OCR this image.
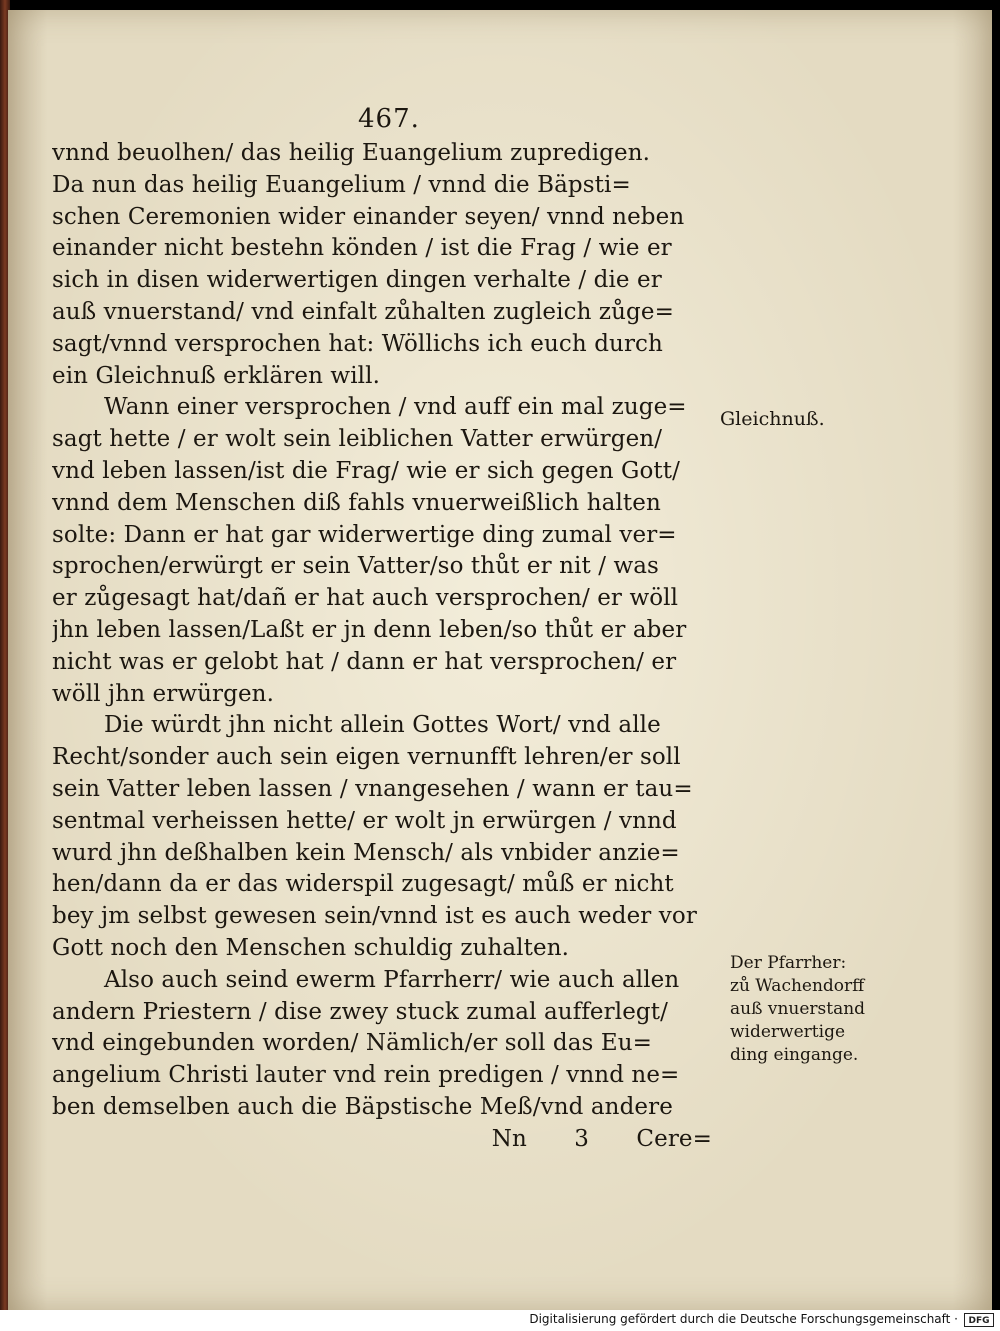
467.
vnnd beuolhen/ das heilig Euangelium zupredigen.
Da nun das heilig Euangelium / vnnd die Bäpsti=
schen Ceremonien wider einander seyen/ vnnd neben
einander nicht bestehn könden / ist die Frag / wie er
sich in disen widerwertigen dingen verhalte / die er
auß vnuerstand/ vnd einfalt zůhalten zugleich zůge=
sagt/vnnd versprochen hat: Wöllichs ich euch durch
ein Gleichnuß erklären will.
Wann einer versprochen / vnd auff ein mal zuge=
sagt hette / er wolt sein leiblichen Vatter erwürgen/
vnd leben lassen/ist die Frag/ wie er sich gegen Gott/
vnnd dem Menschen diß fahls vnuerweißlich halten
solte: Dann er hat gar widerwertige ding zumal ver=
sprochen/erwürgt er sein Vatter/so thůt er nit / was
er zůgesagt hat/dañ er hat auch versprochen/ er wöll
jhn leben lassen/Laßt er jn denn leben/so thůt er aber
nicht was er gelobt hat / dann er hat versprochen/ er
wöll jhn erwürgen.
Die würdt jhn nicht allein Gottes Wort/ vnd alle
Recht/sonder auch sein eigen vernunfft lehren/er soll
sein Vatter leben lassen / vnangesehen / wann er tau=
sentmal verheissen hette/ er wolt jn erwürgen / vnnd
wurd jhn deßhalben kein Mensch/ als vnbider anzie=
hen/dann da er das widerspil zugesagt/ můß er nicht
bey jm selbst gewesen sein/vnnd ist es auch weder vor
Gott noch den Menschen schuldig zuhalten.
Also auch seind ewerm Pfarrherr/ wie auch allen
andern Priestern / dise zwey stuck zumal aufferlegt/
vnd eingebunden worden/ Nämlich/er soll das Eu=
angelium Christi lauter vnd rein predigen / vnnd ne=
ben demselben auch die Bäpstische Meß/vnd andere
Nn 3 Cere=
Gleichnuß.
Der Pfarrher:
zů Wachendorff
auß vnuerstand
widerwertige
ding eingange.
Digitalisierung gefördert durch die Deutsche Forschungsgemeinschaft ·	DFG
